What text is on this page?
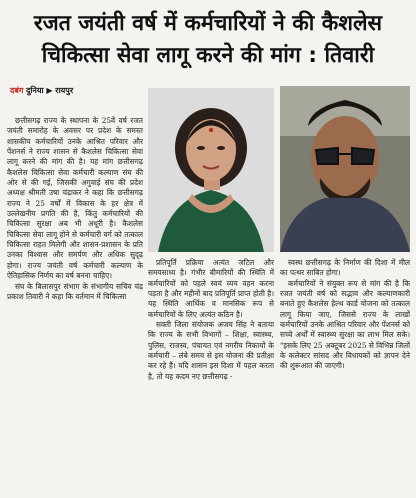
रजत जयंती वर्ष में कर्मचारियों ने की कैशलेस
चिकित्सा सेवा लागू करने की मांग : तिवारी
दबंग दुनिया ▶ रायपुर

छत्तीसगढ़ राज्य के स्थापना के 25वें वर्ष रजत जयंती समारोह के अवसर पर प्रदेश के समस्त शासकीय कर्मचारियों उनके आश्रित परिवार और पेंशनर्स ने राज्य शासन से कैशलेस चिकित्सा सेवा लागू करने की मांग की है। यह मांग छत्तीसगढ़ कैशलेस चिकित्सा सेवा कर्मचारी कल्याण संघ की ओर से की गई, जिसकी अगुवाई संघ की प्रदेश अध्यक्ष श्रीमती उषा चंद्राकर ने कहा कि छत्तीसगढ़ राज्य ने 25 वर्षों में विकास के हर क्षेत्र में उल्लेखनीय प्रगति की है, किंतु कर्मचारियों की चिकित्सा सुरक्षा अब भी अधूरी है। कैशलेस चिकित्सा सेवा लागू होने से कर्मचारी वर्ग को तत्काल चिकित्सा राहत मिलेगी और शासन-प्रशासन के प्रति उनका विश्वास और समर्पण और अधिक सुदृढ़ होगा। राज्य जयंती वर्ष कर्मचारी कल्याण के ऐतिहासिक निर्णय का वर्ष बनना चाहिए।

संघ के बिलासपुर संभाग के संभागीय सचिव चंद्र प्रकाश तिवारी ने कहा कि वर्तमान में चिकित्सा

प्रतिपूर्ति प्रक्रिया अत्यंत जटिल और समयसाध्य है। गंभीर बीमारियों की स्थिति में कर्मचारियों को पहले स्वयं व्यय वहन करना पड़ता है और महीनों बाद प्रतिपूर्ति प्राप्त होती है। यह स्थिति आर्थिक व मानसिक रूप से कर्मचारियों के लिए अत्यंत कठिन है।

सक्ती जिला संयोजक अजय सिंह ने बताया कि राज्य के सभी विभागों – शिक्षा, स्वास्थ्य, पुलिस, राजस्व, पंचायत एवं नगरीय निकायों के कर्मचारी – लंबे समय से इस योजना की प्रतीक्षा कर रहे हैं। यदि शासन इस दिशा में पहल करता है, तो यह कदम नए छत्तीसगढ़ -

स्वस्थ छत्तीसगढ़ के निर्माण की दिशा में मील का पत्थर साबित होगा।

कर्मचारियों ने संयुक्त रूप से मांग की है कि रजत जयंती वर्ष को सद्भाव और कल्याणकारी बनाते हुए कैशलेस हेल्थ कार्ड योजना को तत्काल लागू किया जाए, जिससे राज्य के लाखों कर्मचारियों उनके आश्रित परिवार और पेंशनर्स को सच्चे अर्थों में स्वास्थ्य सुरक्षा का लाभ मिल सके। "इसके लिए 25 अक्टूबर 2025 से विभिन्न जिलों के कलेक्टर सांसद और विधायकों को ज्ञापन देने की शुरूआत की जाएगी।
